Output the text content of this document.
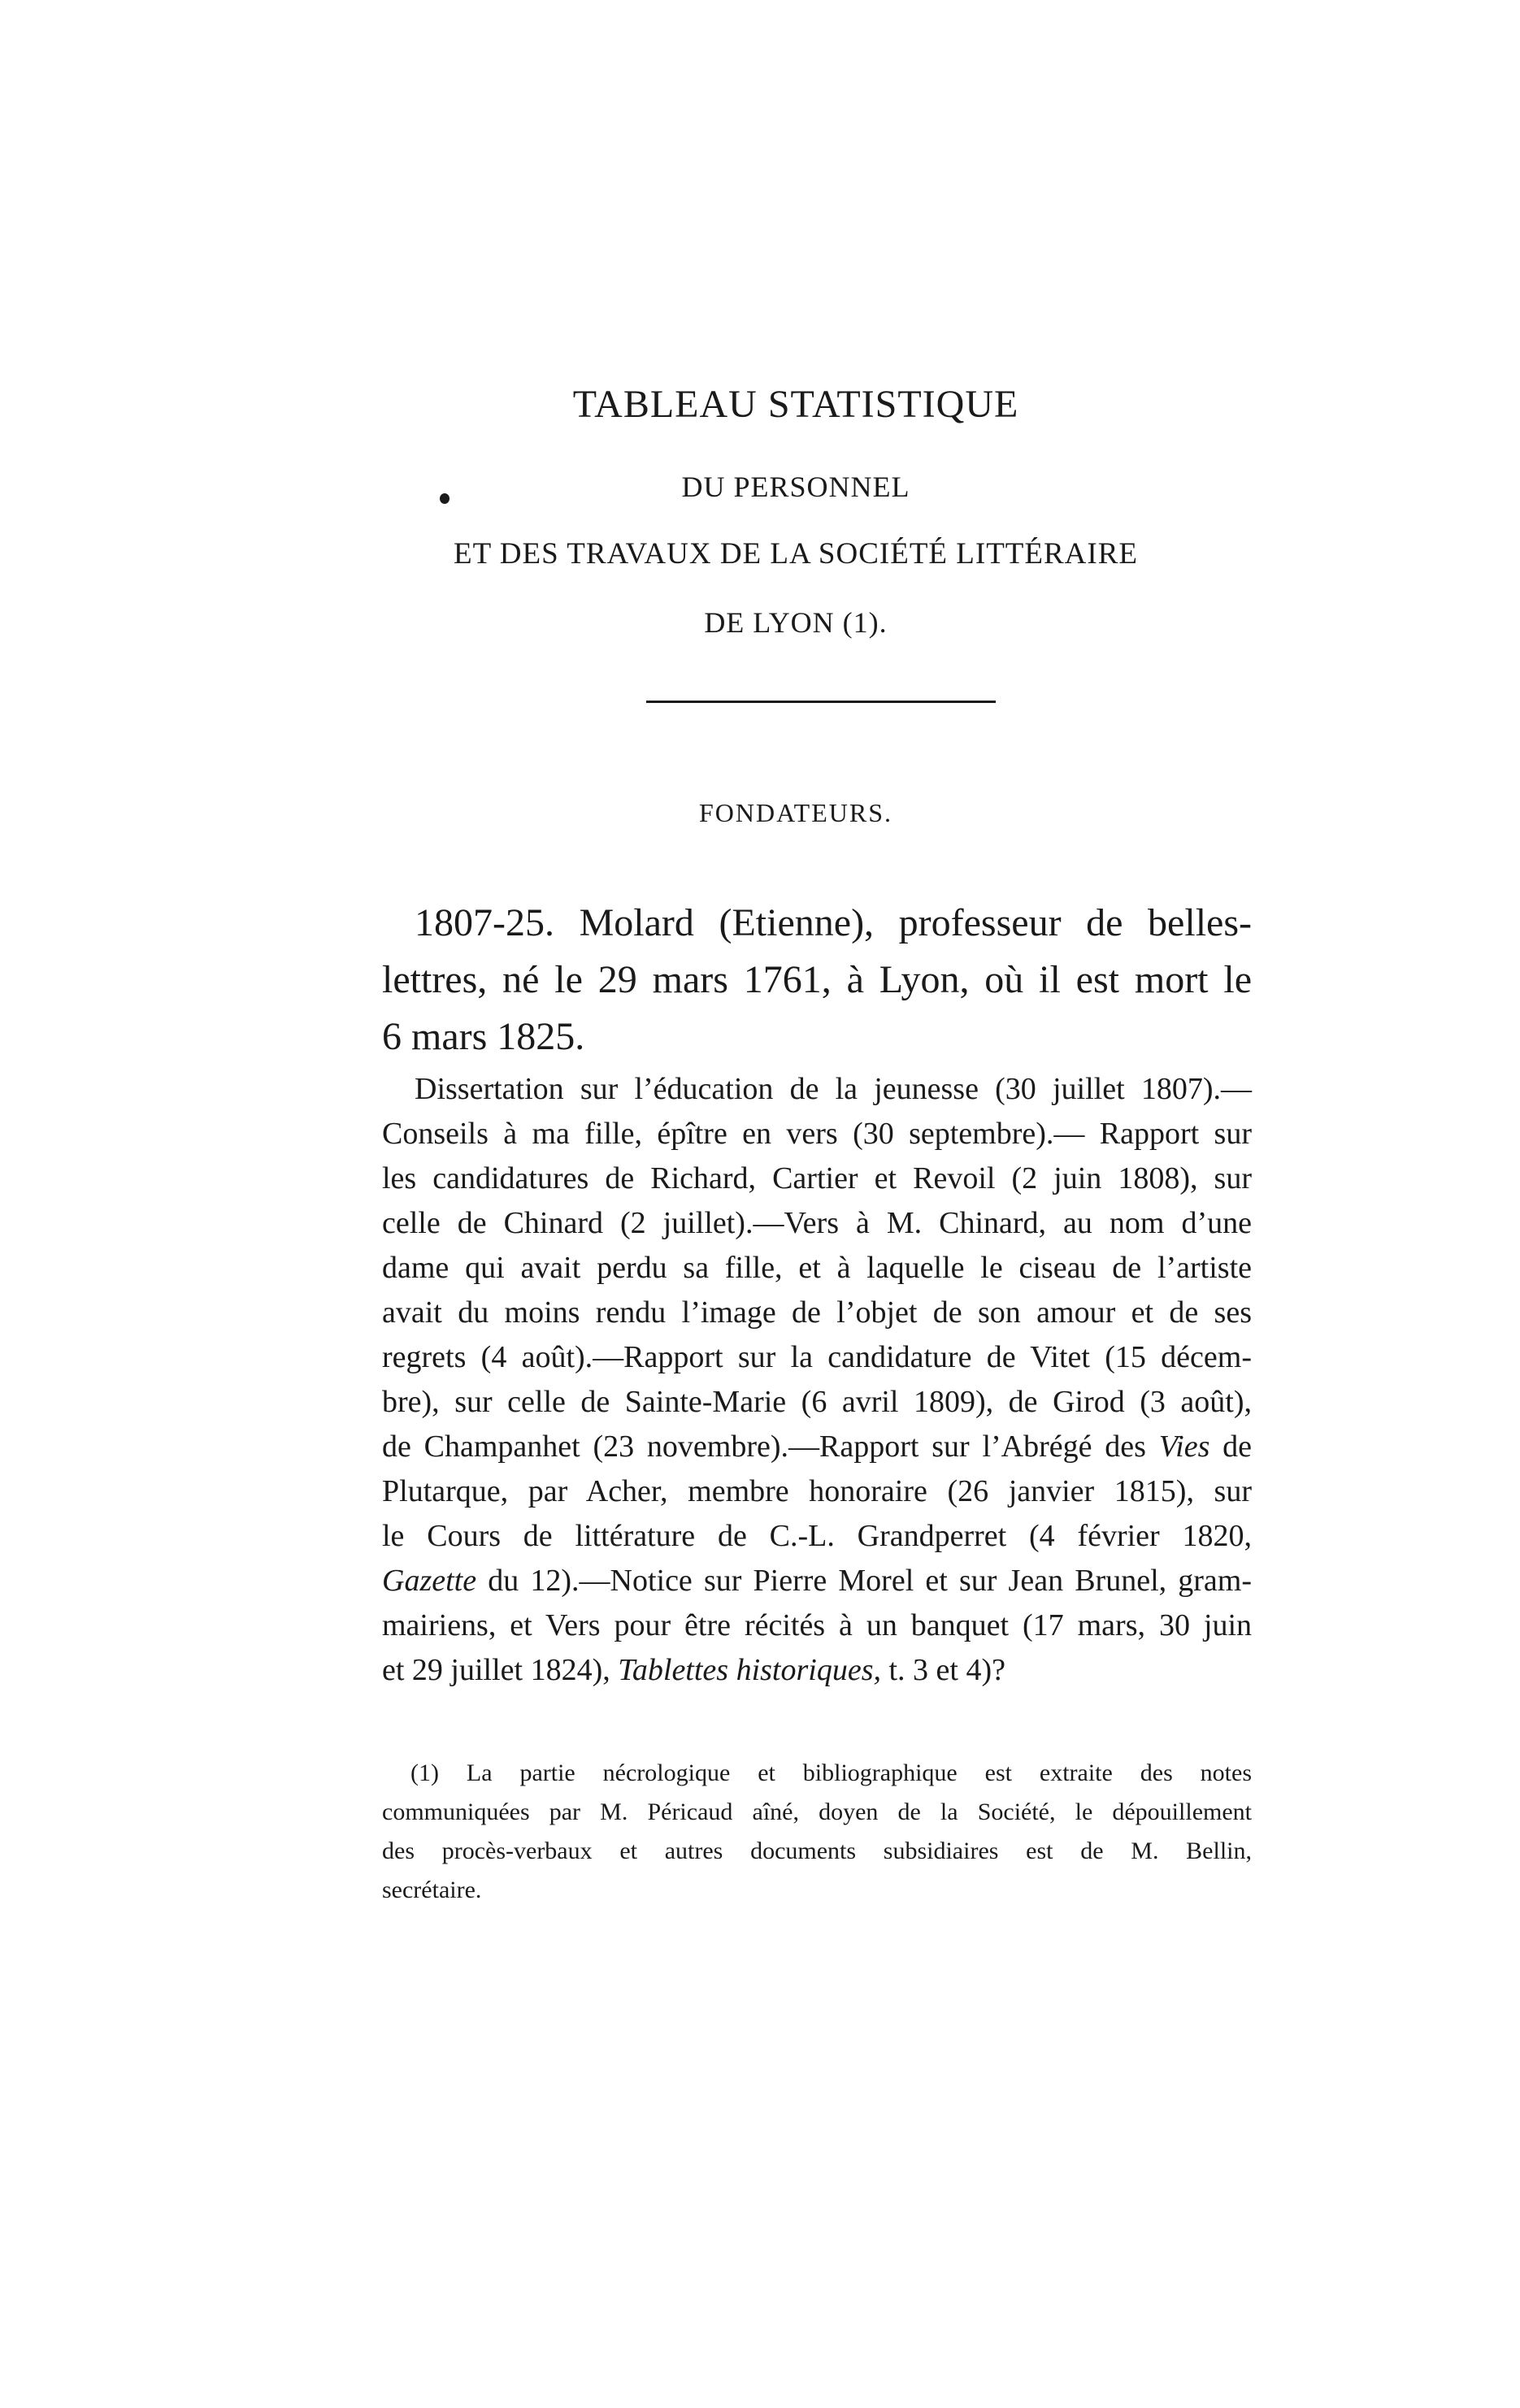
TABLEAU STATISTIQUE
DU PERSONNEL
ET DES TRAVAUX DE LA SOCIÉTÉ LITTÉRAIRE
DE LYON (1).
FONDATEURS.
1807-25. Molard (Etienne), professeur de belles-
lettres, né le 29 mars 1761, à Lyon, où il est mort le
6 mars 1825.
Dissertation sur l’éducation de la jeunesse (30 juillet 1807).—
Conseils à ma fille, épître en vers (30 septembre).— Rapport sur
les candidatures de Richard, Cartier et Revoil (2 juin 1808), sur
celle de Chinard (2 juillet).—Vers à M. Chinard, au nom d’une
dame qui avait perdu sa fille, et à laquelle le ciseau de l’artiste
avait du moins rendu l’image de l’objet de son amour et de ses
regrets (4 août).—Rapport sur la candidature de Vitet (15 décem-
bre), sur celle de Sainte-Marie (6 avril 1809), de Girod (3 août),
de Champanhet (23 novembre).—Rapport sur l’Abrégé des Vies de
Plutarque, par Acher, membre honoraire (26 janvier 1815), sur
le Cours de littérature de C.-L. Grandperret (4 février 1820,
Gazette du 12).—Notice sur Pierre Morel et sur Jean Brunel, gram-
mairiens, et Vers pour être récités à un banquet (17 mars, 30 juin
et 29 juillet 1824), Tablettes historiques, t. 3 et 4)?
(1) La partie nécrologique et bibliographique est extraite des notes
communiquées par M. Péricaud aîné, doyen de la Société, le dépouillement
des procès-verbaux et autres documents subsidiaires est de M. Bellin,
secrétaire.
